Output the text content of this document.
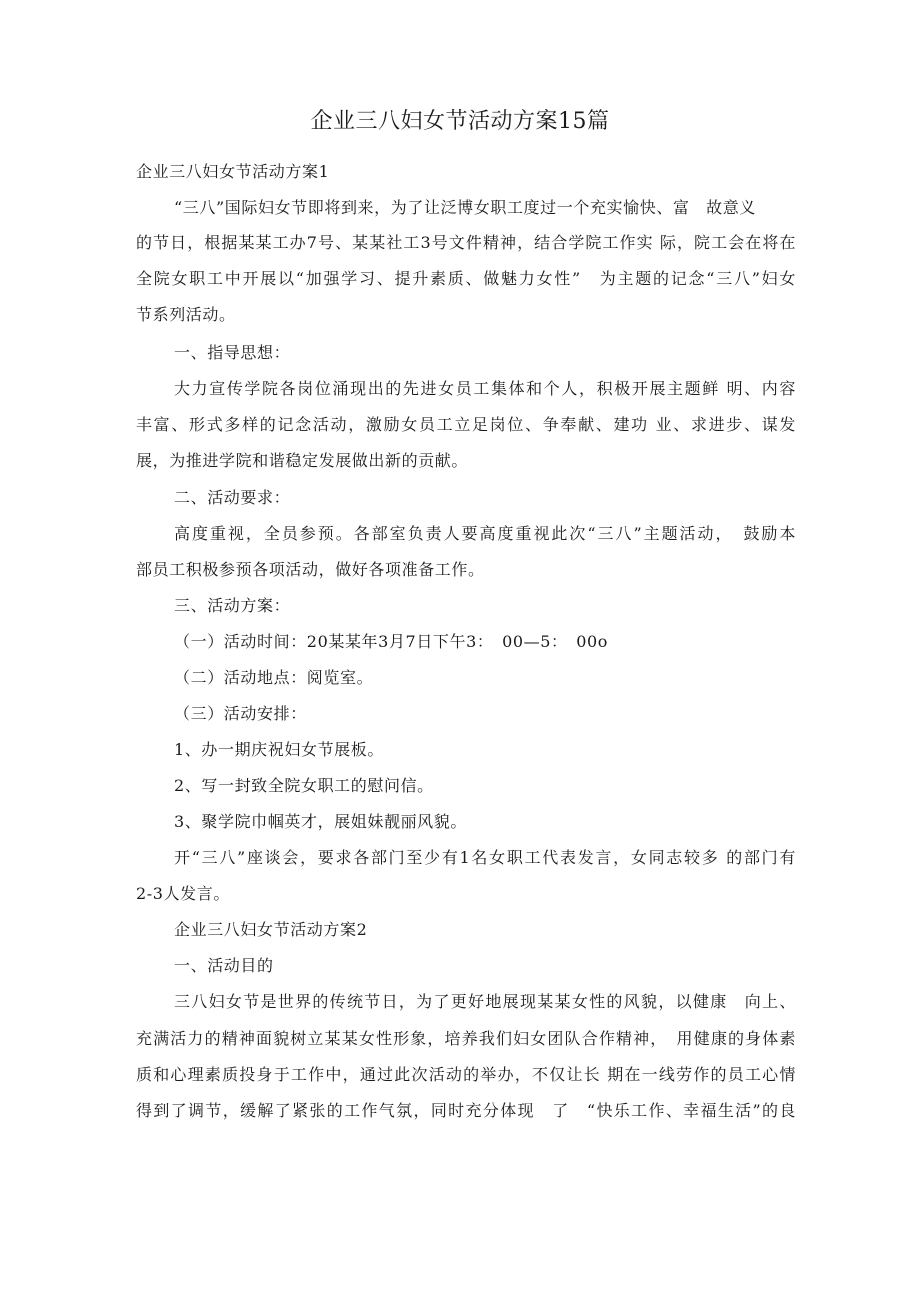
企业三八妇女节活动方案15篇
企业三八妇女节活动方案1
“三八”国际妇女节即将到来，为了让泛博女职工度过一个充实愉快、富　故意义
的节日，根据某某工办7号、某某社工3号文件精神，结合学院工作实 际，院工会在将在
全院女职工中开展以“加强学习、提升素质、做魅力女性”　为主题的记念“三八”妇女
节系列活动。
一、指导思想：
大力宣传学院各岗位涌现出的先进女员工集体和个人，积极开展主题鲜 明、内容
丰富、形式多样的记念活动，激励女员工立足岗位、争奉献、建功 业、求进步、谋发
展，为推进学院和谐稳定发展做出新的贡献。
二、活动要求：
高度重视，全员参预。各部室负责人要高度重视此次“三八”主题活动，　鼓励本
部员工积极参预各项活动，做好各项准备工作。
三、活动方案：
（一）活动时间：20某某年3月7日下午3：　00—5：　00o
（二）活动地点：阅览室。
（三）活动安排：
1、办一期庆祝妇女节展板。
2、写一封致全院女职工的慰问信。
3、聚学院巾帼英才，展姐妹靓丽风貌。
开“三八”座谈会，要求各部门至少有1名女职工代表发言，女同志较多 的部门有
2-3人发言。
企业三八妇女节活动方案2
一、活动目的
三八妇女节是世界的传统节日，为了更好地展现某某女性的风貌，以健康　向上、
充满活力的精神面貌树立某某女性形象，培养我们妇女团队合作精神，　用健康的身体素
质和心理素质投身于工作中，通过此次活动的举办，不仅让长 期在一线劳作的员工心情
得到了调节，缓解了紧张的工作气氛，同时充分体现　了　“快乐工作、幸福生活”的良
